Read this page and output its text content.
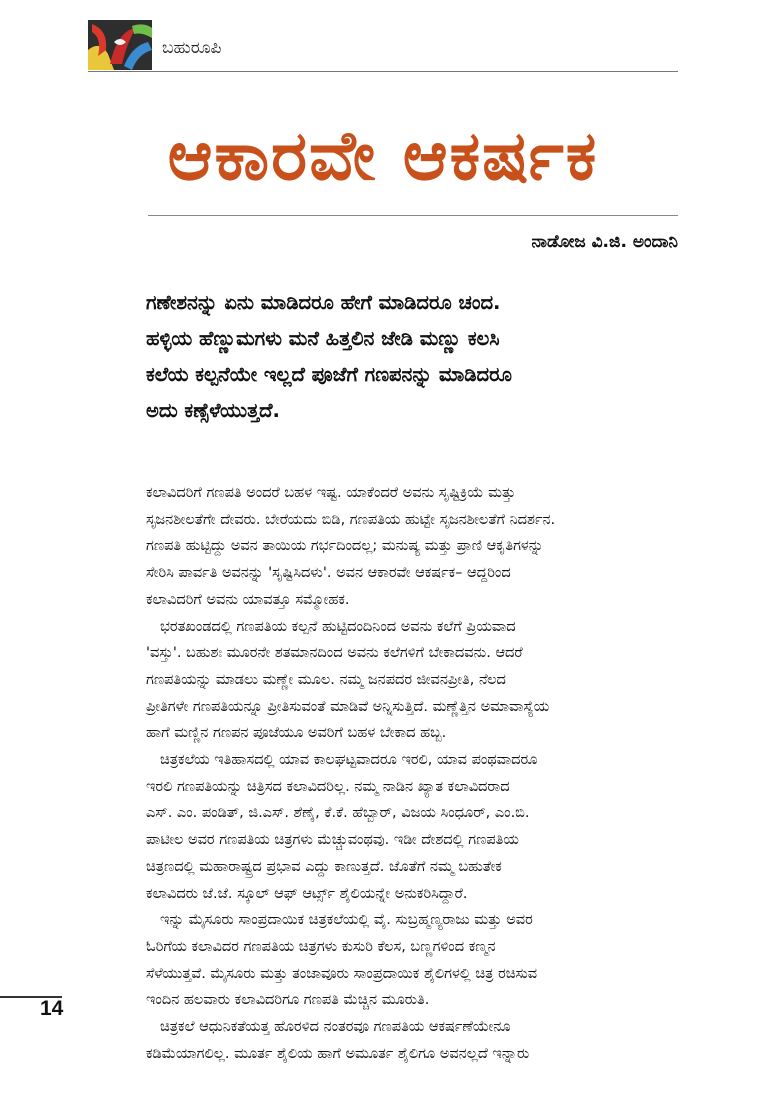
ಬಹುರೂಪಿ
ಆಕಾರವೇ ಆಕರ್ಷಕ
ನಾಡೋಜ ವಿ.ಜಿ. ಅಂದಾನಿ
ಗಣೇಶನನ್ನು ಏನು ಮಾಡಿದರೂ ಹೇಗೆ ಮಾಡಿದರೂ ಚಂದ.
ಹಳ್ಳಿಯ ಹೆಣ್ಣುಮಗಳು ಮನೆ ಹಿತ್ತಲಿನ ಜೇಡಿ ಮಣ್ಣು ಕಲಸಿ
ಕಲೆಯ ಕಲ್ಪನೆಯೇ ಇಲ್ಲದೆ ಪೂಜೆಗೆ ಗಣಪನನ್ನು ಮಾಡಿದರೂ
ಅದು ಕಣ್ಸೆಳೆಯುತ್ತದೆ.
ಕಲಾವಿದರಿಗೆ ಗಣಪತಿ ಅಂದರೆ ಬಹಳ ಇಷ್ಟ. ಯಾಕೆಂದರೆ ಅವನು ಸೃಷ್ಟಿಕ್ರಿಯೆ ಮತ್ತು
ಸೃಜನಶೀಲತೆಗೇ ದೇವರು. ಬೇರೆಯದು ಬಿಡಿ, ಗಣಪತಿಯ ಹುಟ್ಟೇ ಸೃಜನಶೀಲತೆಗೆ ನಿದರ್ಶನ.
ಗಣಪತಿ ಹುಟ್ಟಿದ್ದು ಅವನ ತಾಯಿಯ ಗರ್ಭದಿಂದಲ್ಲ; ಮನುಷ್ಯ ಮತ್ತು ಪ್ರಾಣಿ ಆಕೃತಿಗಳನ್ನು
ಸೇರಿಸಿ ಪಾರ್ವತಿ ಅವನನ್ನು 'ಸೃಷ್ಟಿಸಿದಳು'. ಅವನ ಆಕಾರವೇ ಆಕರ್ಷಕ– ಆದ್ದರಿಂದ
ಕಲಾವಿದರಿಗೆ ಅವನು ಯಾವತ್ತೂ ಸಮ್ಮೋಹಕ.
ಭರತಖಂಡದಲ್ಲಿ ಗಣಪತಿಯ ಕಲ್ಪನೆ ಹುಟ್ಟಿದಂದಿನಿಂದ ಅವನು ಕಲೆಗೆ ಪ್ರಿಯವಾದ
'ವಸ್ತು'. ಬಹುಶಃ ಮೂರನೇ ಶತಮಾನದಿಂದ ಅವನು ಕಲೆಗಳಿಗೆ ಬೇಕಾದವನು. ಆದರೆ
ಗಣಪತಿಯನ್ನು ಮಾಡಲು ಮಣ್ಣೇ ಮೂಲ. ನಮ್ಮ ಜನಪದರ ಜೀವನಪ್ರೀತಿ, ನೆಲದ
ಪ್ರೀತಿಗಳೇ ಗಣಪತಿಯನ್ನೂ ಪ್ರೀತಿಸುವಂತೆ ಮಾಡಿವೆ ಅನ್ನಿಸುತ್ತಿದೆ. ಮಣ್ಣೆತ್ತಿನ ಅಮಾವಾಸ್ಯೆಯ
ಹಾಗೆ ಮಣ್ಣಿನ ಗಣಪನ ಪೂಜೆಯೂ ಅವರಿಗೆ ಬಹಳ ಬೇಕಾದ ಹಬ್ಬ.
ಚಿತ್ರಕಲೆಯ ಇತಿಹಾಸದಲ್ಲಿ ಯಾವ ಕಾಲಘಟ್ಟವಾದರೂ ಇರಲಿ, ಯಾವ ಪಂಥವಾದರೂ
ಇರಲಿ ಗಣಪತಿಯನ್ನು ಚಿತ್ರಿಸದ ಕಲಾವಿದರಿಲ್ಲ. ನಮ್ಮ ನಾಡಿನ ಖ್ಯಾತ ಕಲಾವಿದರಾದ
ಎಸ್. ಎಂ. ಪಂಡಿತ್, ಜಿ.ಎಸ್. ಶೆಣೈ, ಕೆ.ಕೆ. ಹೆಬ್ಬಾರ್, ವಿಜಯ ಸಿಂಧೂರ್, ಎಂ.ಬಿ.
ಪಾಟೀಲ ಅವರ ಗಣಪತಿಯ ಚಿತ್ರಗಳು ಮೆಚ್ಚುವಂಥವು. ಇಡೀ ದೇಶದಲ್ಲಿ ಗಣಪತಿಯ
ಚಿತ್ರಣದಲ್ಲಿ ಮಹಾರಾಷ್ಟ್ರದ ಪ್ರಭಾವ ಎದ್ದು ಕಾಣುತ್ತದೆ. ಜೊತೆಗೆ ನಮ್ಮ ಬಹುತೇಕ
ಕಲಾವಿದರು ಜೆ.ಜೆ. ಸ್ಕೂಲ್ ಆಫ್ ಆರ್ಟ್ಸ್ ಶೈಲಿಯನ್ನೇ ಅನುಕರಿಸಿದ್ದಾರೆ.
ಇನ್ನು ಮೈಸೂರು ಸಾಂಪ್ರದಾಯಿಕ ಚಿತ್ರಕಲೆಯಲ್ಲಿ ವೈ. ಸುಬ್ರಹ್ಮಣ್ಯರಾಜು ಮತ್ತು ಅವರ
ಓರಿಗೆಯ ಕಲಾವಿದರ ಗಣಪತಿಯ ಚಿತ್ರಗಳು ಕುಸುರಿ ಕೆಲಸ, ಬಣ್ಣಗಳಿಂದ ಕಣ್ಮನ
ಸೆಳೆಯುತ್ತವೆ. ಮೈಸೂರು ಮತ್ತು ತಂಜಾವೂರು ಸಾಂಪ್ರದಾಯಿಕ ಶೈಲಿಗಳಲ್ಲಿ ಚಿತ್ರ ರಚಿಸುವ
ಇಂದಿನ ಹಲವಾರು ಕಲಾವಿದರಿಗೂ ಗಣಪತಿ ಮೆಚ್ಚಿನ ಮೂರುತಿ.
ಚಿತ್ರಕಲೆ ಆಧುನಿಕತೆಯತ್ತ ಹೊರಳಿದ ನಂತರವೂ ಗಣಪತಿಯ ಆಕರ್ಷಣೆಯೇನೂ
ಕಡಿಮೆಯಾಗಲಿಲ್ಲ. ಮೂರ್ತ ಶೈಲಿಯ ಹಾಗೆ ಅಮೂರ್ತ ಶೈಲಿಗೂ ಅವನಲ್ಲದೆ ಇನ್ನಾರು
14
